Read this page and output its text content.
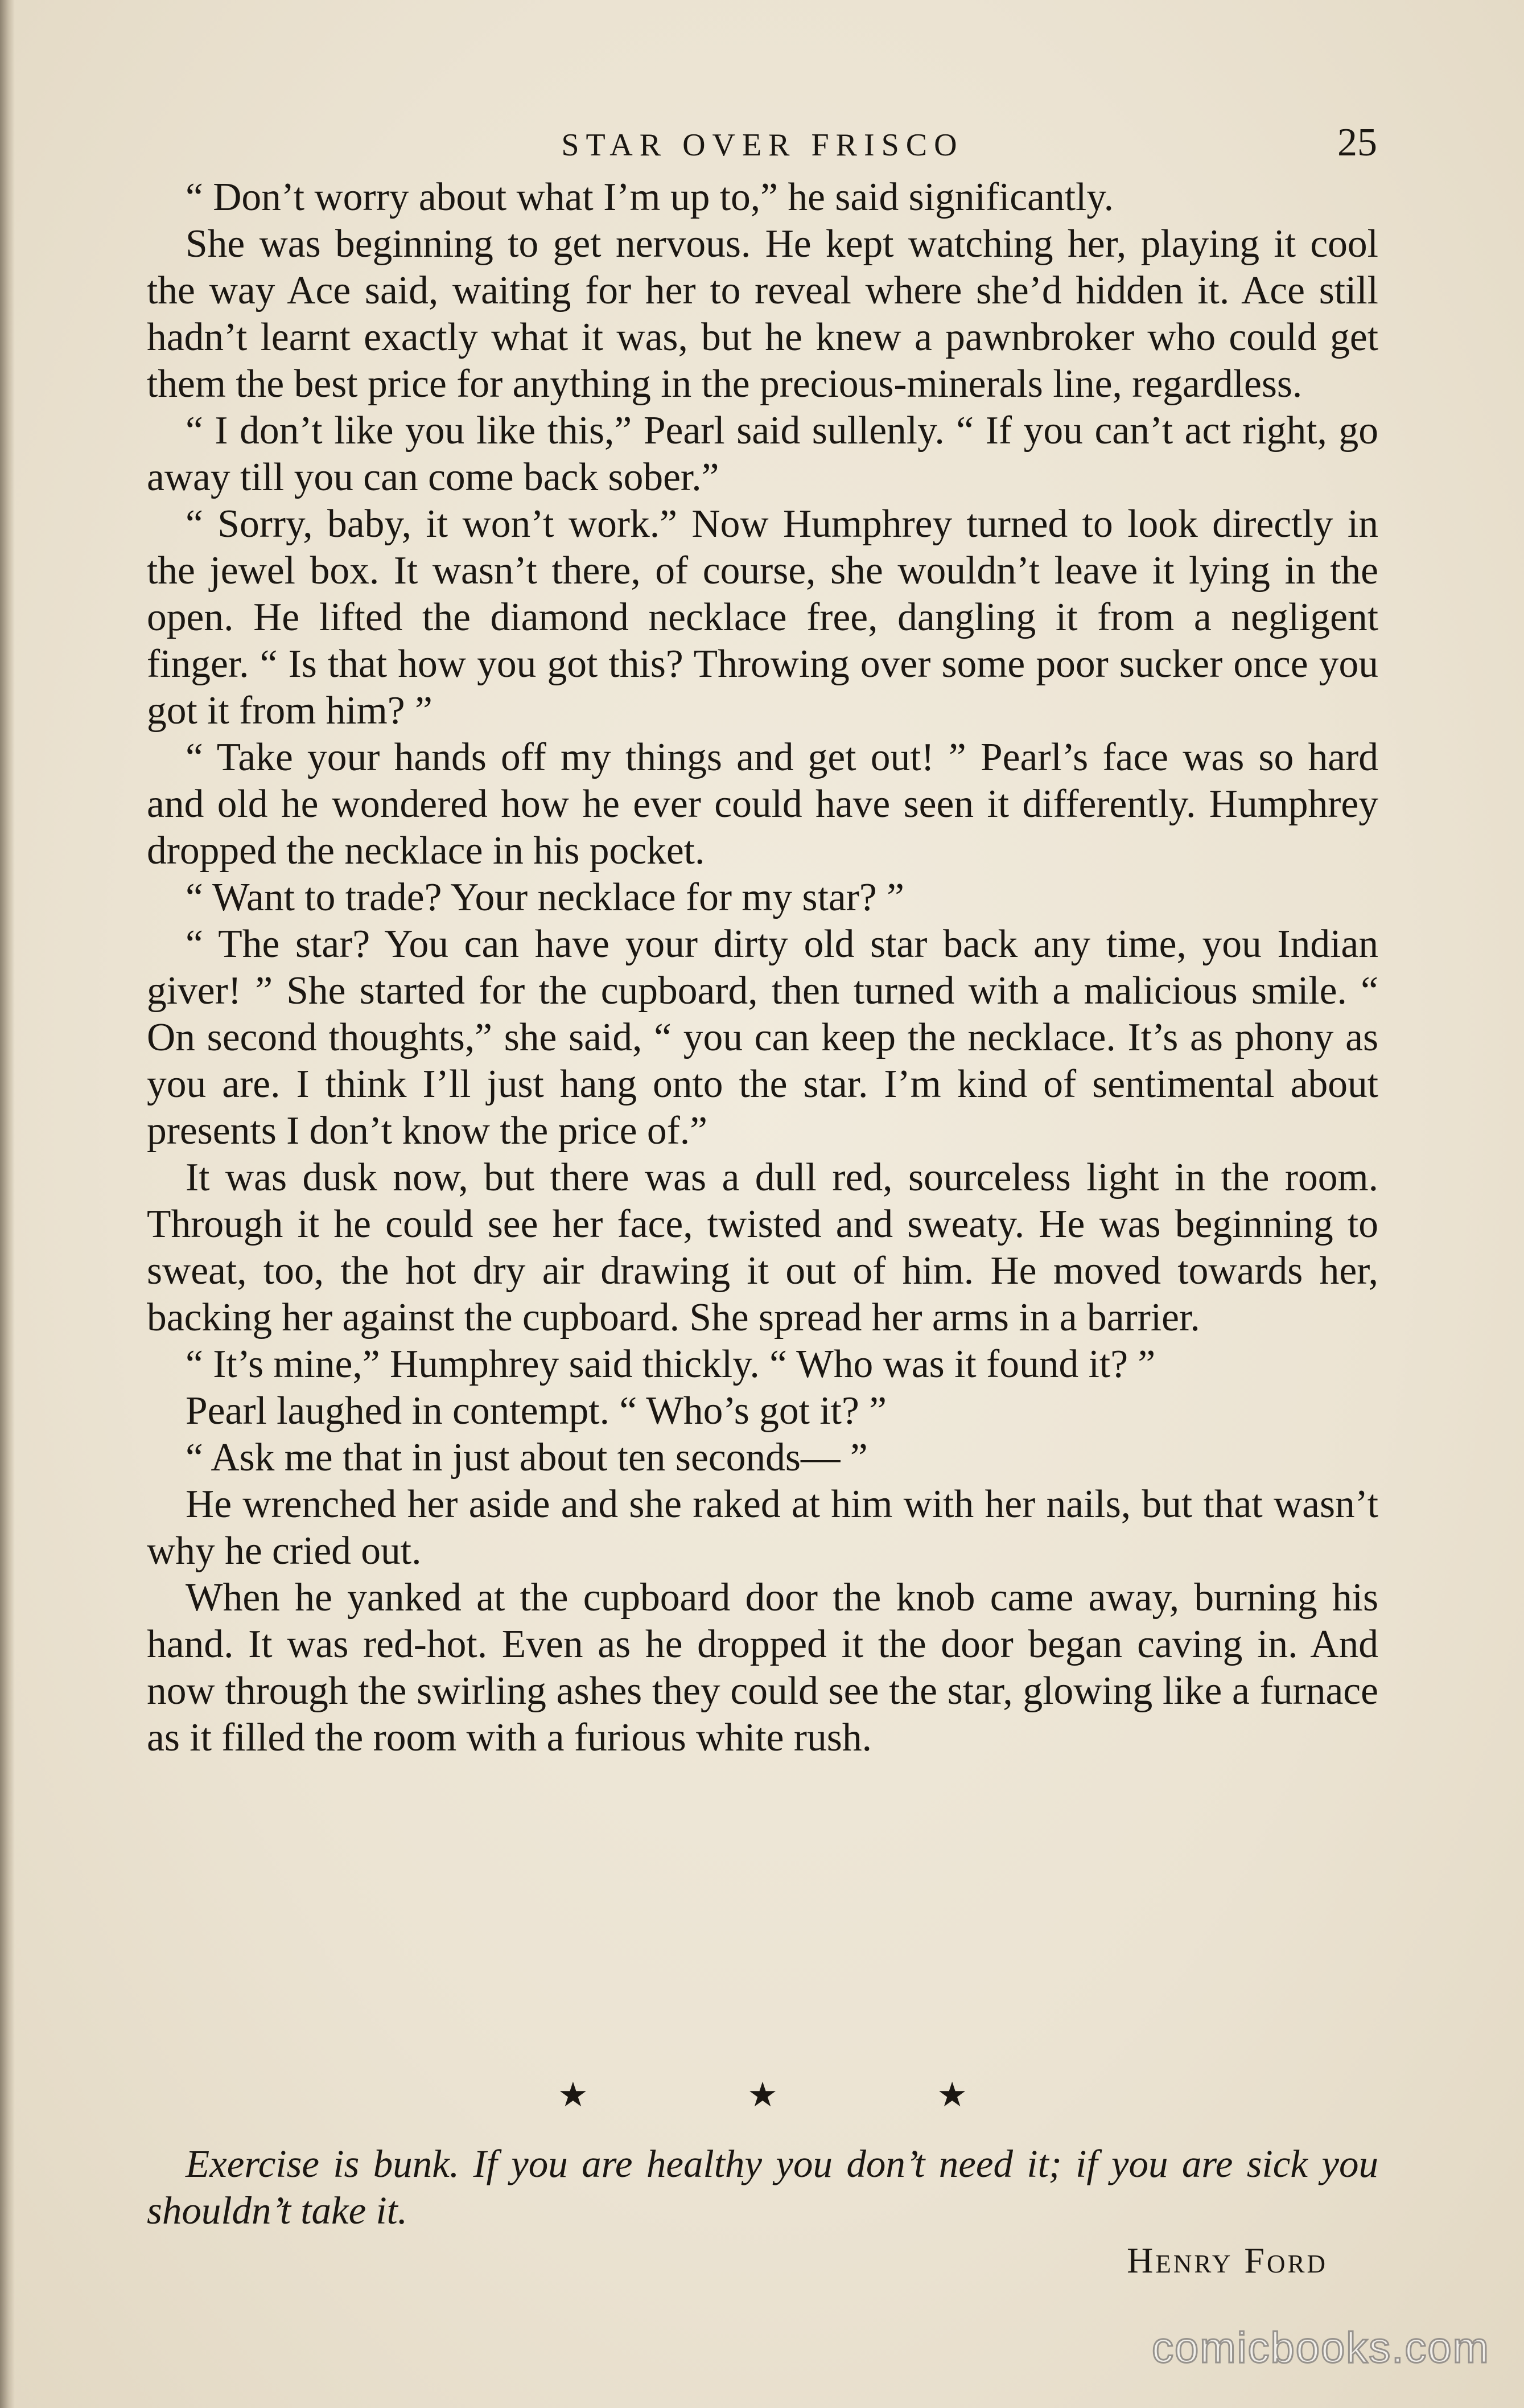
STAR OVER FRISCO	25

“ Don’t worry about what I’m up to,” he said significantly.

She was beginning to get nervous. He kept watching her, playing it cool the way Ace said, waiting for her to reveal where she’d hidden it. Ace still hadn’t learnt exactly what it was, but he knew a pawnbroker who could get them the best price for anything in the precious-minerals line, regardless.

“ I don’t like you like this,” Pearl said sullenly. “ If you can’t act right, go away till you can come back sober.”

“ Sorry, baby, it won’t work.” Now Humphrey turned to look directly in the jewel box. It wasn’t there, of course, she wouldn’t leave it lying in the open. He lifted the diamond necklace free, dangling it from a negligent finger. “ Is that how you got this? Throwing over some poor sucker once you got it from him? ”

“ Take your hands off my things and get out! ” Pearl’s face was so hard and old he wondered how he ever could have seen it differently. Humphrey dropped the necklace in his pocket.

“ Want to trade? Your necklace for my star? ”

“ The star? You can have your dirty old star back any time, you Indian giver! ” She started for the cupboard, then turned with a malicious smile. “ On second thoughts,” she said, “ you can keep the necklace. It’s as phony as you are. I think I’ll just hang onto the star. I’m kind of sentimental about presents I don’t know the price of.”

It was dusk now, but there was a dull red, sourceless light in the room. Through it he could see her face, twisted and sweaty. He was beginning to sweat, too, the hot dry air drawing it out of him. He moved towards her, backing her against the cupboard. She spread her arms in a barrier.

“ It’s mine,” Humphrey said thickly. “ Who was it found it? ”

Pearl laughed in contempt. “ Who’s got it? ”

“ Ask me that in just about ten seconds— ”

He wrenched her aside and she raked at him with her nails, but that wasn’t why he cried out.

When he yanked at the cupboard door the knob came away, burning his hand. It was red-hot. Even as he dropped it the door began caving in. And now through the swirling ashes they could see the star, glowing like a furnace as it filled the room with a furious white rush.

★	★	★

Exercise is bunk. If you are healthy you don’t need it; if you are sick you shouldn’t take it.

Henry Ford
comicbooks.com
